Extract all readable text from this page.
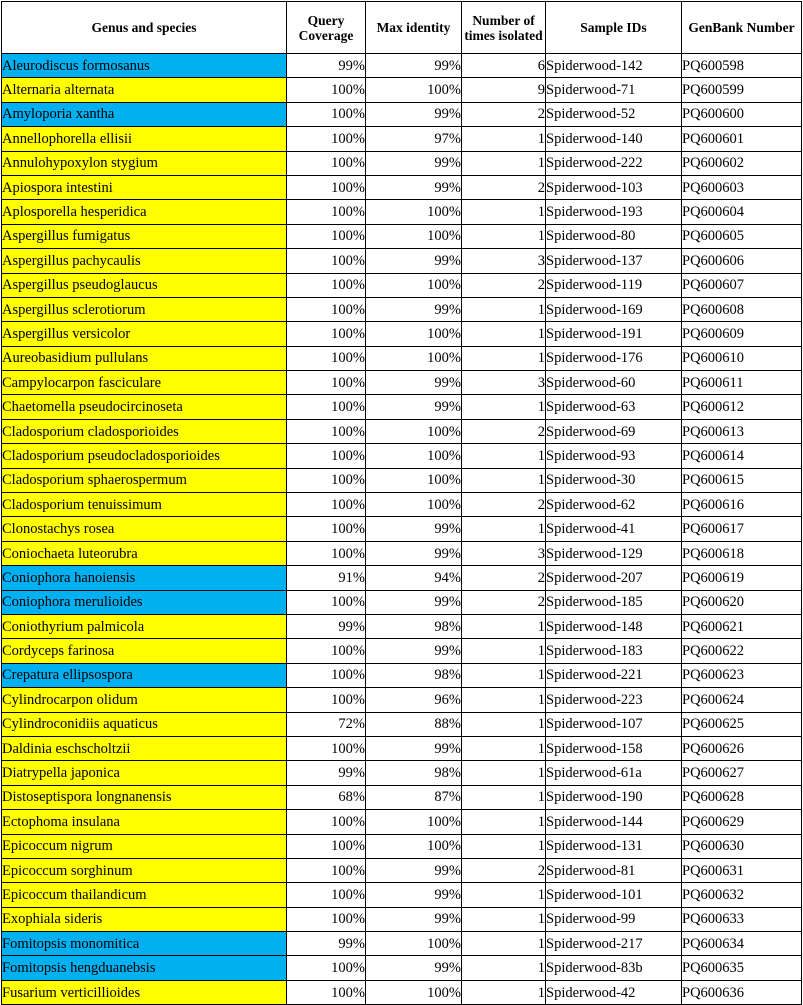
Genus and species	Query Coverage	Max identity	Number of times isolated	Sample IDs	GenBank Number
Aleurodiscus formosanus	99%	99%	6	Spiderwood-142	PQ600598
Alternaria alternata	100%	100%	9	Spiderwood-71	PQ600599
Amyloporia xantha	100%	99%	2	Spiderwood-52	PQ600600
Annellophorella ellisii	100%	97%	1	Spiderwood-140	PQ600601
Annulohypoxylon stygium	100%	99%	1	Spiderwood-222	PQ600602
Apiospora intestini	100%	99%	2	Spiderwood-103	PQ600603
Aplosporella hesperidica	100%	100%	1	Spiderwood-193	PQ600604
Aspergillus fumigatus	100%	100%	1	Spiderwood-80	PQ600605
Aspergillus pachycaulis	100%	99%	3	Spiderwood-137	PQ600606
Aspergillus pseudoglaucus	100%	100%	2	Spiderwood-119	PQ600607
Aspergillus sclerotiorum	100%	99%	1	Spiderwood-169	PQ600608
Aspergillus versicolor	100%	100%	1	Spiderwood-191	PQ600609
Aureobasidium pullulans	100%	100%	1	Spiderwood-176	PQ600610
Campylocarpon fasciculare	100%	99%	3	Spiderwood-60	PQ600611
Chaetomella pseudocircinoseta	100%	99%	1	Spiderwood-63	PQ600612
Cladosporium cladosporioides	100%	100%	2	Spiderwood-69	PQ600613
Cladosporium pseudocladosporioides	100%	100%	1	Spiderwood-93	PQ600614
Cladosporium sphaerospermum	100%	100%	1	Spiderwood-30	PQ600615
Cladosporium tenuissimum	100%	100%	2	Spiderwood-62	PQ600616
Clonostachys rosea	100%	99%	1	Spiderwood-41	PQ600617
Coniochaeta luteorubra	100%	99%	3	Spiderwood-129	PQ600618
Coniophora hanoiensis	91%	94%	2	Spiderwood-207	PQ600619
Coniophora merulioides	100%	99%	2	Spiderwood-185	PQ600620
Coniothyrium palmicola	99%	98%	1	Spiderwood-148	PQ600621
Cordyceps farinosa	100%	99%	1	Spiderwood-183	PQ600622
Crepatura ellipsospora	100%	98%	1	Spiderwood-221	PQ600623
Cylindrocarpon olidum	100%	96%	1	Spiderwood-223	PQ600624
Cylindroconidiis aquaticus	72%	88%	1	Spiderwood-107	PQ600625
Daldinia eschscholtzii	100%	99%	1	Spiderwood-158	PQ600626
Diatrypella japonica	99%	98%	1	Spiderwood-61a	PQ600627
Distoseptispora longnanensis	68%	87%	1	Spiderwood-190	PQ600628
Ectophoma insulana	100%	100%	1	Spiderwood-144	PQ600629
Epicoccum nigrum	100%	100%	1	Spiderwood-131	PQ600630
Epicoccum sorghinum	100%	99%	2	Spiderwood-81	PQ600631
Epicoccum thailandicum	100%	99%	1	Spiderwood-101	PQ600632
Exophiala sideris	100%	99%	1	Spiderwood-99	PQ600633
Fomitopsis monomitica	99%	100%	1	Spiderwood-217	PQ600634
Fomitopsis hengduanebsis	100%	99%	1	Spiderwood-83b	PQ600635
Fusarium verticillioides	100%	100%	1	Spiderwood-42	PQ600636
